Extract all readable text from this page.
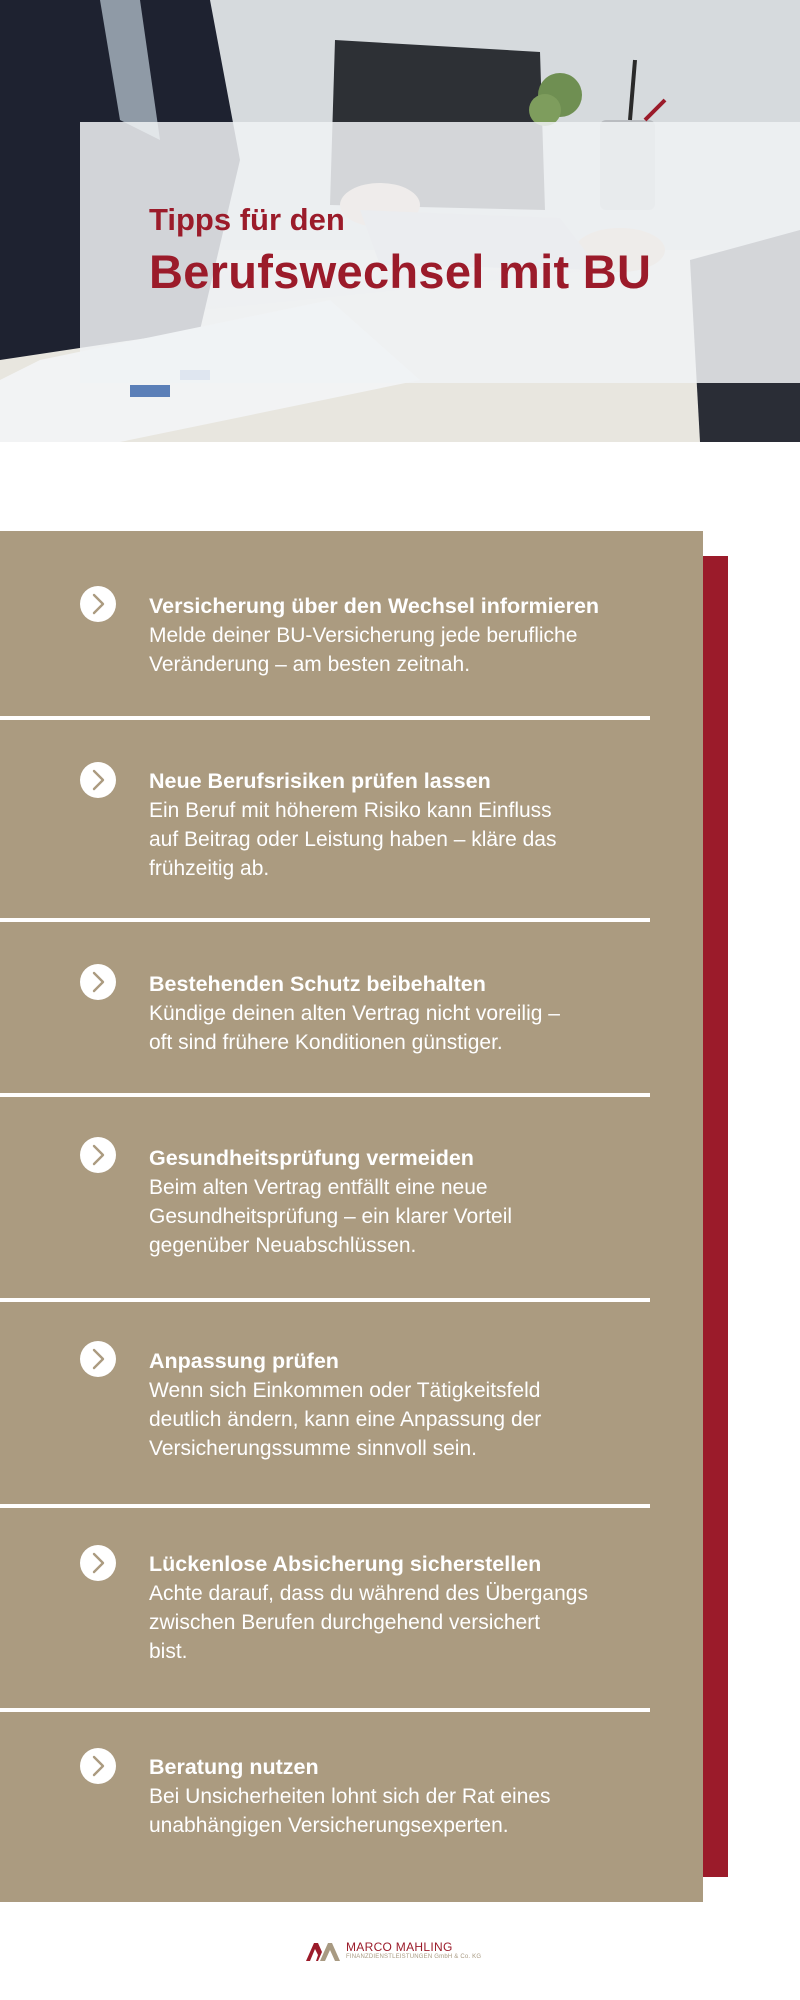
Tipps für den
Berufswechsel mit BU
Versicherung über den Wechsel informieren
Melde deiner BU-Versicherung jede berufliche
Veränderung – am besten zeitnah.
Neue Berufsrisiken prüfen lassen
Ein Beruf mit höherem Risiko kann Einfluss
auf Beitrag oder Leistung haben – kläre das
frühzeitig ab.
Bestehenden Schutz beibehalten
Kündige deinen alten Vertrag nicht voreilig –
oft sind frühere Konditionen günstiger.
Gesundheitsprüfung vermeiden
Beim alten Vertrag entfällt eine neue
Gesundheitsprüfung – ein klarer Vorteil
gegenüber Neuabschlüssen.
Anpassung prüfen
Wenn sich Einkommen oder Tätigkeitsfeld
deutlich ändern, kann eine Anpassung der
Versicherungssumme sinnvoll sein.
Lückenlose Absicherung sicherstellen
Achte darauf, dass du während des Übergangs
zwischen Berufen durchgehend versichert
bist.
Beratung nutzen
Bei Unsicherheiten lohnt sich der Rat eines
unabhängigen Versicherungsexperten.
MARCO MAHLING
FINANZDIENSTLEISTUNGEN GmbH & Co. KG
